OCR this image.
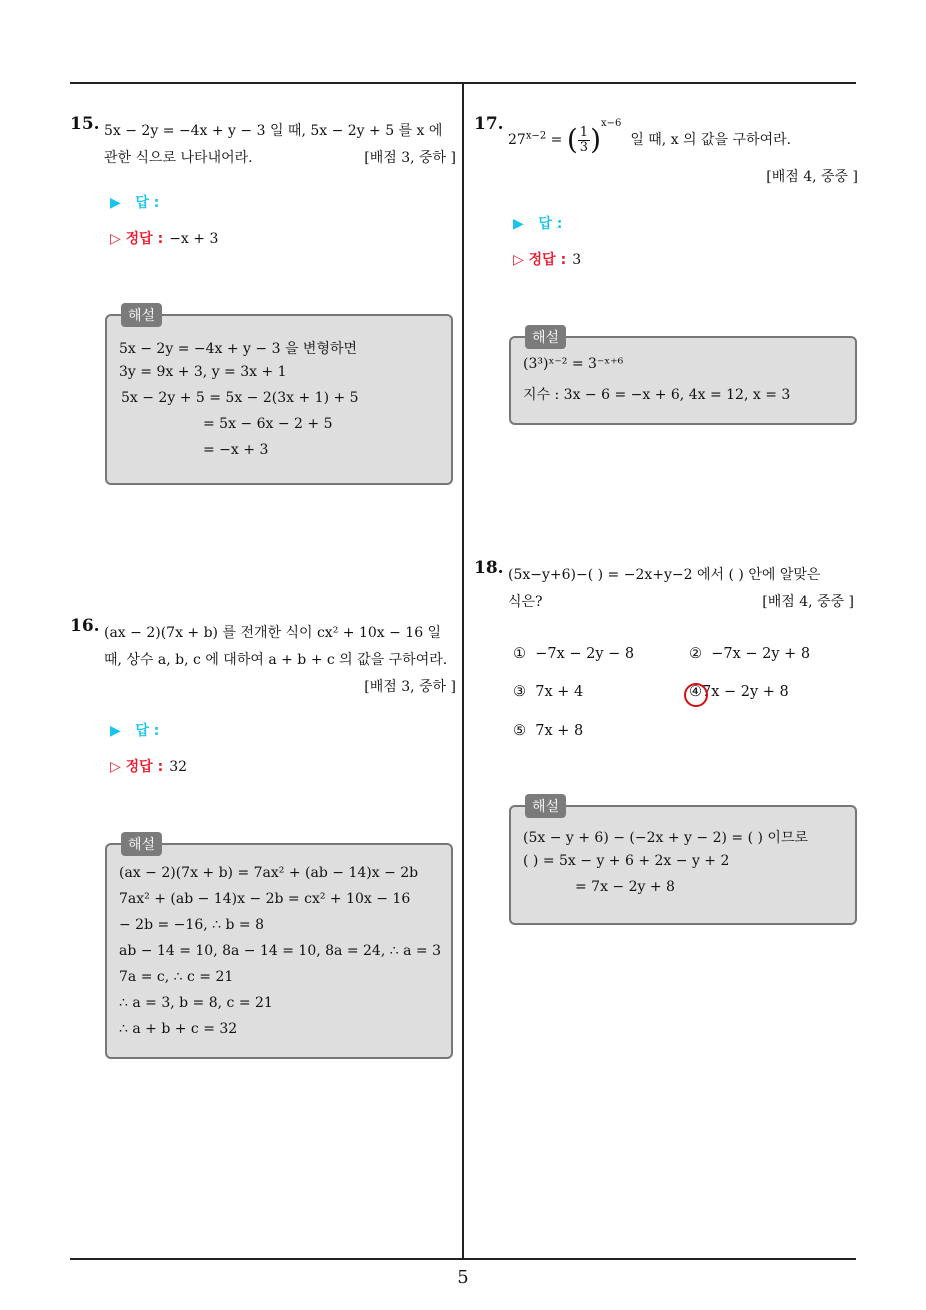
15. 5x − 2y = −4x + y − 3 일 때, 5x − 2y + 5 를 x 에
관한 식으로 나타내어라.	[배점 3, 중하 ]
▶ 답 :
▷ 정답 : −x + 3
해설
5x − 2y = −4x + y − 3 을 변형하면
3y = 9x + 3, y = 3x + 1
5x − 2y + 5 = 5x − 2(3x + 1) + 5
= 5x − 6x − 2 + 5
= −x + 3
16. (ax − 2)(7x + b) 를 전개한 식이 cx² + 10x − 16 일
때, 상수 a, b, c 에 대하여 a + b + c 의 값을 구하여라.
[배점 3, 중하 ]
▶ 답 :
▷ 정답 : 32
해설
(ax − 2)(7x + b) = 7ax² + (ab − 14)x − 2b
7ax² + (ab − 14)x − 2b = cx² + 10x − 16
− 2b = −16, ∴ b = 8
ab − 14 = 10, 8a − 14 = 10, 8a = 24, ∴ a = 3
7a = c, ∴ c = 21
∴ a = 3, b = 8, c = 21
∴ a + b + c = 32
17.
$27^{x-2}$ = ( $\frac{1}{3} )^{x-6}$  일 때, x 의 값을 구하여라.
[배점 4, 중중 ]
▶ 답 :
▷ 정답 : 3
해설
(3³)ˣ⁻² = 3⁻ˣ⁺⁶
지수 : 3x − 6 = −x + 6, 4x = 12, x = 3
18. (5x−y+6)−( ) = −2x+y−2 에서 ( ) 안에 알맞은
식은?	[배점 4, 중중 ]
① −7x − 2y − 8	② −7x − 2y + 8
③ 7x + 4	④7x − 2y + 8
⑤ 7x + 8
해설
(5x − y + 6) − (−2x + y − 2) = ( ) 이므로
( ) = 5x − y + 6 + 2x − y + 2
= 7x − 2y + 8
5
